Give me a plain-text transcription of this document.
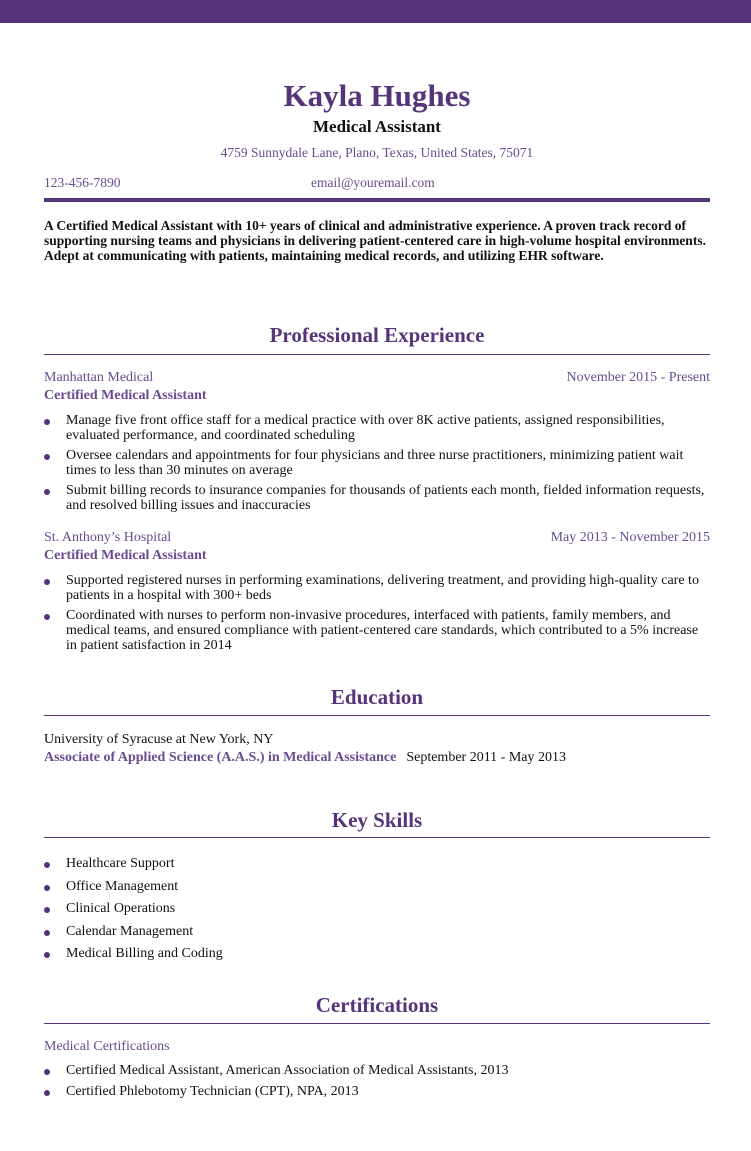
Kayla Hughes
Medical Assistant
4759 Sunnydale Lane, Plano, Texas, United States, 75071
123-456-7890	email@youremail.com
A Certified Medical Assistant with 10+ years of clinical and administrative experience. A proven track record of supporting nursing teams and physicians in delivering patient-centered care in high-volume hospital environments. Adept at communicating with patients, maintaining medical records, and utilizing EHR software.
Professional Experience
Manhattan Medical	November 2015 - Present
Certified Medical Assistant
Manage five front office staff for a medical practice with over 8K active patients, assigned responsibilities, evaluated performance, and coordinated scheduling
Oversee calendars and appointments for four physicians and three nurse practitioners, minimizing patient wait times to less than 30 minutes on average
Submit billing records to insurance companies for thousands of patients each month, fielded information requests, and resolved billing issues and inaccuracies
St. Anthony’s Hospital	May 2013 - November 2015
Certified Medical Assistant
Supported registered nurses in performing examinations, delivering treatment, and providing high-quality care to patients in a hospital with 300+ beds
Coordinated with nurses to perform non-invasive procedures, interfaced with patients, family members, and medical teams, and ensured compliance with patient-centered care standards, which contributed to a 5% increase in patient satisfaction in 2014
Education
University of Syracuse at New York, NY
Associate of Applied Science (A.A.S.) in Medical Assistance September 2011 - May 2013
Key Skills
Healthcare Support
Office Management
Clinical Operations
Calendar Management
Medical Billing and Coding
Certifications
Medical Certifications
Certified Medical Assistant, American Association of Medical Assistants, 2013
Certified Phlebotomy Technician (CPT), NPA, 2013
